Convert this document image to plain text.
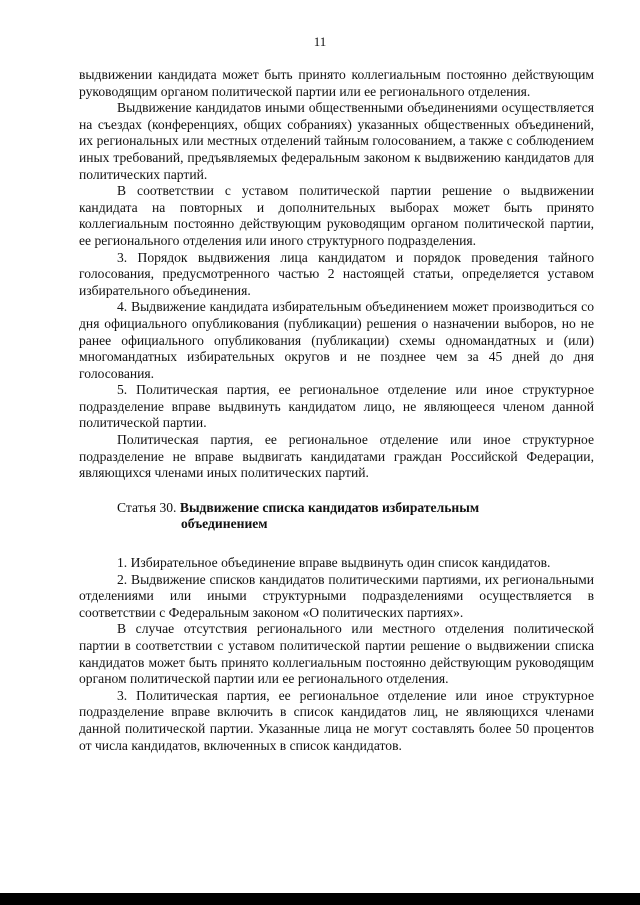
11

выдвижении кандидата может быть принято коллегиальным постоянно действующим руководящим органом политической партии или ее регионального отделения.

Выдвижение кандидатов иными общественными объединениями осуществляется на съездах (конференциях, общих собраниях) указанных общественных объединений, их региональных или местных отделений тайным голосованием, а также с соблюдением иных требований, предъявляемых федеральным законом к выдвижению кандидатов для политических партий.

В соответствии с уставом политической партии решение о выдвижении кандидата на повторных и дополнительных выборах может быть принято коллегиальным постоянно действующим руководящим органом политической партии, ее регионального отделения или иного структурного подразделения.

3. Порядок выдвижения лица кандидатом и порядок проведения тайного голосования, предусмотренного частью 2 настоящей статьи, определяется уставом избирательного объединения.

4. Выдвижение кандидата избирательным объединением может производиться со дня официального опубликования (публикации) решения о назначении выборов, но не ранее официального опубликования (публикации) схемы одномандатных и (или) многомандатных избирательных округов и не позднее чем за 45 дней до дня голосования.

5. Политическая партия, ее региональное отделение или иное структурное подразделение вправе выдвинуть кандидатом лицо, не являющееся членом данной политической партии.

Политическая партия, ее региональное отделение или иное структурное подразделение не вправе выдвигать кандидатами граждан Российской Федерации, являющихся членами иных политических партий.

Статья 30. Выдвижение списка кандидатов избирательным
объединением

1. Избирательное объединение вправе выдвинуть один список кандидатов.

2. Выдвижение списков кандидатов политическими партиями, их региональными отделениями или иными структурными подразделениями осуществляется в соответствии с Федеральным законом «О политических партиях».

В случае отсутствия регионального или местного отделения политической партии в соответствии с уставом политической партии решение о выдвижении списка кандидатов может быть принято коллегиальным постоянно действующим руководящим органом политической партии или ее регионального отделения.

3. Политическая партия, ее региональное отделение или иное структурное подразделение вправе включить в список кандидатов лиц, не являющихся членами данной политической партии. Указанные лица не могут составлять более 50 процентов от числа кандидатов, включенных в список кандидатов.
